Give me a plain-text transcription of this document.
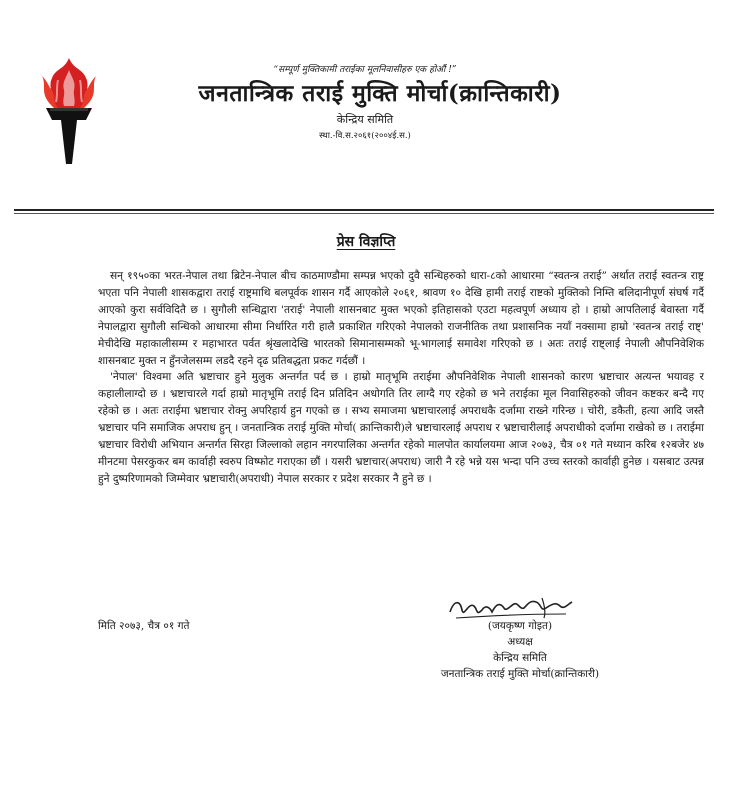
“सम्पूर्ण मुक्तिकामी तराईका मूलनिवासीहरु एक होऔं !”
जनतान्त्रिक तराई मुक्ति मोर्चा(क्रान्तिकारी)
केन्द्रिय समिति
स्था.-वि.स.२०६१(२००४ई.स.)
प्रेस विज्ञप्ति

सन् १९५०का भरत-नेपाल तथा ब्रिटेन-नेपाल बीच काठमाण्डौमा सम्पन्न भएको दुवै सन्धिहरुको धारा-८को आधारमा “स्वतन्त्र तराई” अर्थात तराई स्वतन्त्र राष्ट्र भएता पनि नेपाली शासकद्वारा तराई राष्ट्रमाथि बलपूर्वक शासन गर्दै आएकोले २०६१, श्रावण १० देखि हामी तराई राष्टको मुक्तिको निम्ति बलिदानीपूर्ण संघर्ष गर्दै आएको कुरा सर्वविदितै छ । सुगौली सन्धिद्वारा 'तराई' नेपाली शासनबाट मुक्त भएको इतिहासको एउटा महत्वपूर्ण अध्याय हो । हाम्रो आपतिलाई बेवास्ता गर्दै नेपालद्वारा सुगौली सन्धिको आधारमा सीमा निर्धारित गरी हालै प्रकाशित गरिएको नेपालको राजनीतिक तथा प्रशासनिक नयाँ नक्सामा हाम्रो 'स्वतन्त्र तराई राष्ट्' मेचीदेखि महाकालीसम्म र महाभारत पर्वत श्रृंखलादेखि भारतको सिमानासम्मको भू-भागलाई समावेश गरिएको छ । अतः तराई राष्ट्लाई नेपाली औपनिवेशिक शासनबाट मुक्त न हुँनजेलसम्म लडदै रहने दृढ प्रतिबद्धता प्रकट गर्दछौं ।

'नेपाल' विश्वमा अति भ्रष्टाचार हुने मुलुक अन्तर्गत पर्द छ । हाम्रो मातृभूमि तराईमा औपनिवेशिक नेपाली शासनको कारण भ्रष्टाचार अत्यन्त भयावह र कहालीलाग्दो छ । भ्रष्टाचारले गर्दा हाम्रो मातृभूमि तराई दिन प्रतिदिन अधोगति तिर लाग्दै गए रहेको छ भने तराईका मूल निवासिहरुको जीवन कष्टकर बन्दै गए रहेको छ । अतः तराईमा भ्रष्टाचार रोक्नु अपरिहार्य हुन गएको छ । सभ्य समाजमा भ्रष्टाचारलाई अपराधकै दर्जामा राख्ने गरिन्छ । चोरी, डकैती, हत्या आदि जस्तै भ्रष्टाचार पनि समाजिक अपराध हुन् । जनतान्त्रिक तराई मुक्ति मोर्चा( क्रान्तिकारी)ले भ्रष्टाचारलाई अपराध र भ्रष्टाचारीलाई अपराधीको दर्जामा राखेको छ । तराईमा भ्रष्टाचार विरोधी अभियान अन्तर्गत सिरहा जिल्लाको लहान नगरपालिका अन्तर्गत रहेको मालपोत कार्यालयमा आज २०७३, चैत्र ०१ गते मध्यान करिब १२बजेर ४७ मीनटमा पेसरकुकर बम कार्वाही स्वरुप विष्फोट गराएका छौं । यसरी भ्रष्टाचार(अपराध) जारी नै रहे भन्ने यस भन्दा पनि उच्च स्तरको कार्वाही हुनेछ । यसबाट उत्पन्न हुने दुष्परिणामको जिम्मेवार भ्रष्टाचारी(अपराधी) नेपाल सरकार र प्रदेश सरकार नै हुने छ ।

मिति २०७३, चैत्र ०१ गते	(जयकृष्ण गोइत)
अध्यक्ष
केन्द्रिय समिति
जनतान्त्रिक तराई मुक्ति मोर्चा(क्रान्तिकारी)
